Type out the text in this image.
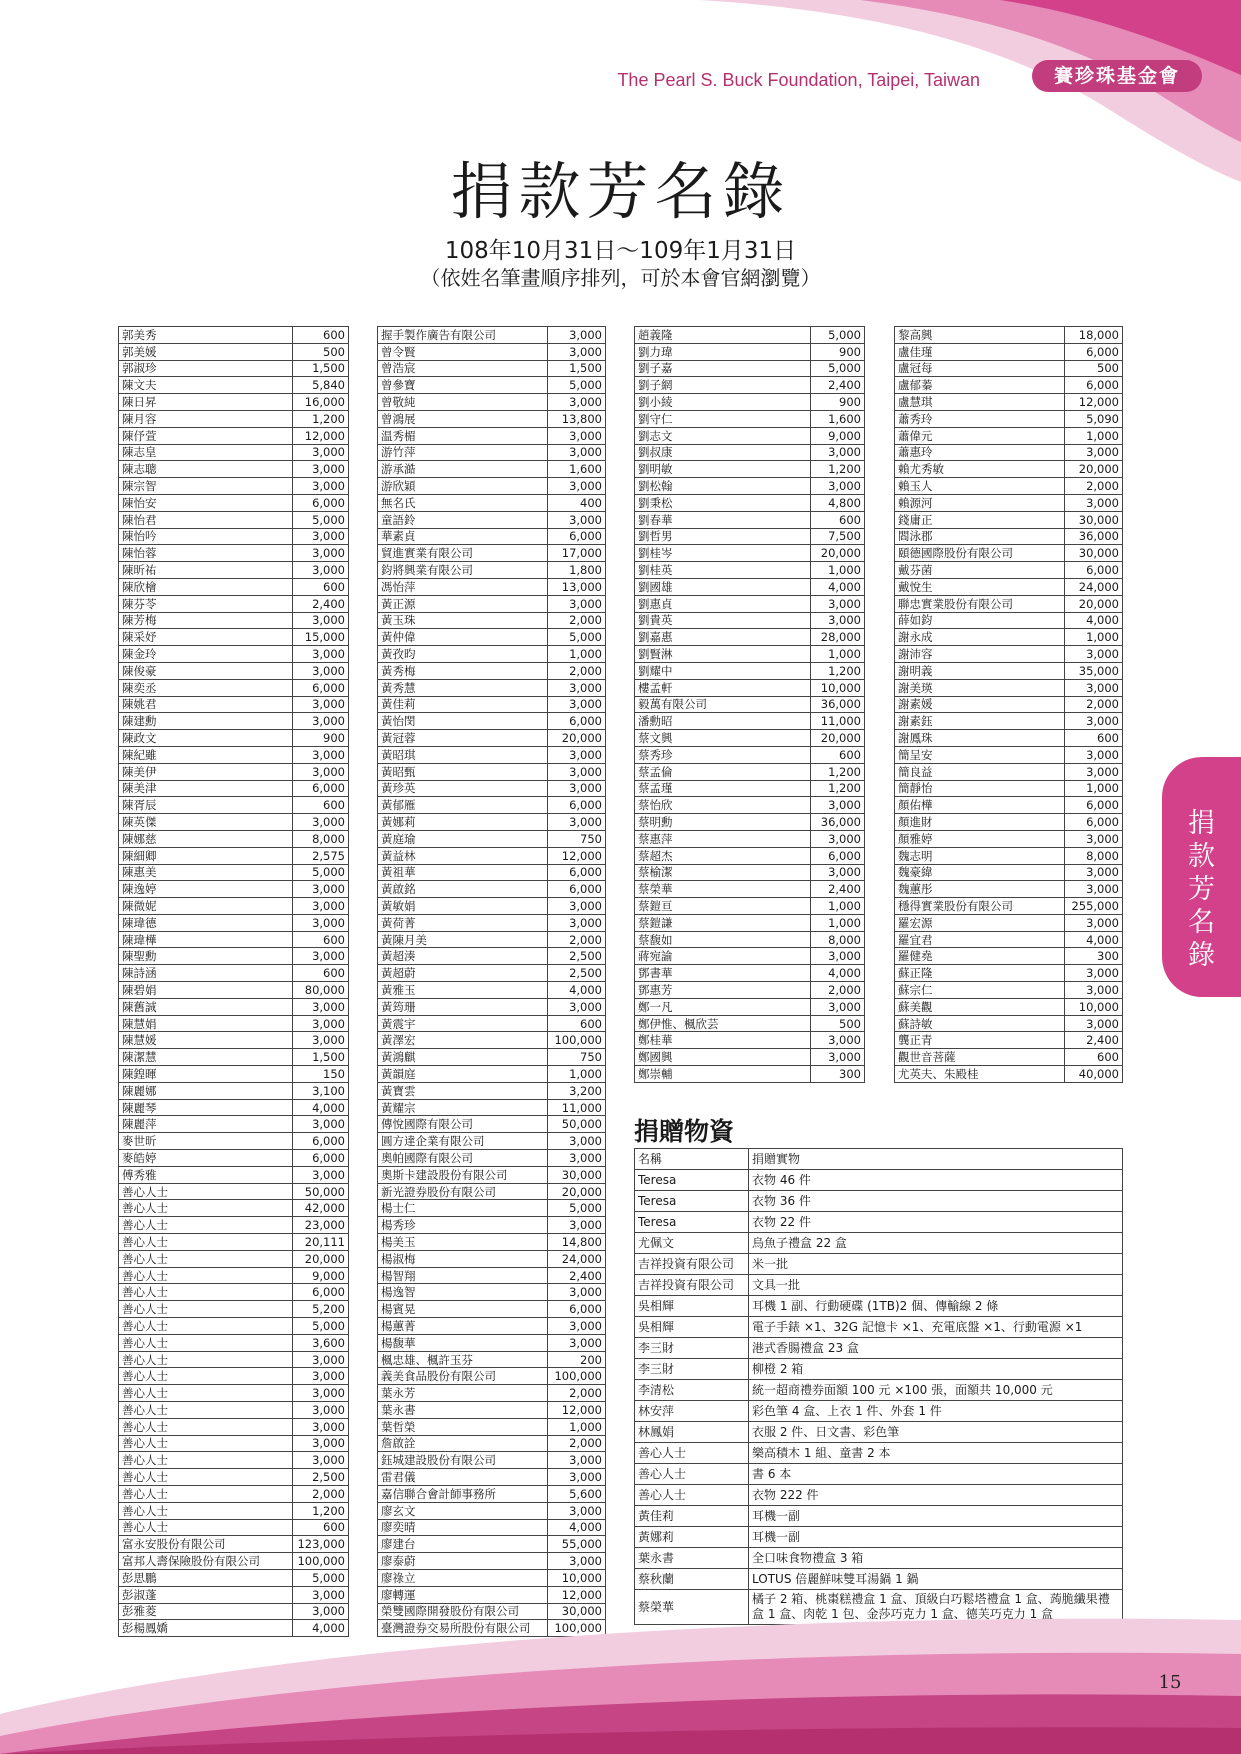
The Pearl S. Buck Foundation, Taipei, Taiwan	賽珍珠基金會
捐款芳名錄
108年10月31日～109年1月31日
（依姓名筆畫順序排列，可於本會官網瀏覽）
捐
款
芳
名
錄
郭美秀	600
郭美媛	500
郭淑珍	1,500
陳文夫	5,840
陳日昇	16,000
陳月容	1,200
陳伃萱	12,000
陳志皇	3,000
陳志聰	3,000
陳宗智	3,000
陳怡安	6,000
陳怡君	5,000
陳怡吟	3,000
陳怡蓉	3,000
陳昕祐	3,000
陳欣檜	600
陳芬苓	2,400
陳芳梅	3,000
陳采妤	15,000
陳金玲	3,000
陳俊豪	3,000
陳奕丞	6,000
陳姚君	3,000
陳建勳	3,000
陳政文	900
陳紀雖	3,000
陳美伊	3,000
陳美津	6,000
陳胥辰	600
陳英傑	3,000
陳娜慈	8,000
陳細卿	2,575
陳惠美	5,000
陳逸婷	3,000
陳微妮	3,000
陳瑋德	3,000
陳瑋樺	600
陳聖勳	3,000
陳詩涵	600
陳碧娟	80,000
陳舊誠	3,000
陳慧娟	3,000
陳慧媛	3,000
陳潔慧	1,500
陳鍠暉	150
陳麗娜	3,100
陳麗琴	4,000
陳麗萍	3,000
麥世昕	6,000
麥皓婷	6,000
傅秀雅	3,000
善心人士	50,000
善心人士	42,000
善心人士	23,000
善心人士	20,111
善心人士	20,000
善心人士	9,000
善心人士	6,000
善心人士	5,200
善心人士	5,000
善心人士	3,600
善心人士	3,000
善心人士	3,000
善心人士	3,000
善心人士	3,000
善心人士	3,000
善心人士	3,000
善心人士	3,000
善心人士	2,500
善心人士	2,000
善心人士	1,200
善心人士	600
富永安股份有限公司	123,000
富邦人壽保險股份有限公司	100,000
彭思鵬	5,000
彭淑蓬	3,000
彭雅菱	3,000
彭楊鳳嬌	4,000
握手製作廣告有限公司	3,000
曾令賢	3,000
曾浩宸	1,500
曾參寶	5,000
曾敬純	3,000
曾鴻展	13,800
温秀楣	3,000
游竹萍	3,000
游承澔	1,600
游欣穎	3,000
無名氏	400
童語鈴	3,000
華素貞	6,000
貿進實業有限公司	17,000
鈞將興業有限公司	1,800
馮怡萍	13,000
黃正源	3,000
黃玉珠	2,000
黃仲偉	5,000
黃孜昀	1,000
黃秀梅	2,000
黃秀慧	3,000
黃佳莉	3,000
黃怡閔	6,000
黃冠蓉	20,000
黃昭琪	3,000
黃昭甄	3,000
黃珍英	3,000
黃郁雁	6,000
黃娜莉	3,000
黃庭瑜	750
黃益林	12,000
黃祖華	6,000
黃啟銘	6,000
黃敏娟	3,000
黃荷菁	3,000
黃陳月美	2,000
黃超湊	2,500
黃超蔚	2,500
黃雅玉	4,000
黃筠珊	3,000
黃震宇	600
黃澤宏	100,000
黃鴻麒	750
黃韻庭	1,000
黃寶雲	3,200
黃耀宗	11,000
傳悅國際有限公司	50,000
圓方達企業有限公司	3,000
奧帕國際有限公司	3,000
奧斯卡建設股份有限公司	30,000
新光證券股份有限公司	20,000
楊士仁	5,000
楊秀珍	3,000
楊美玉	14,800
楊淑梅	24,000
楊智翔	2,400
楊逸智	3,000
楊賓晃	6,000
楊蕙菁	3,000
楊馥華	3,000
楓忠雄、楓許玉芬	200
義美食品股份有限公司	100,000
葉永芳	2,000
葉永書	12,000
葉哲榮	1,000
詹啟詮	2,000
鈺城建設股份有限公司	3,000
雷君儀	3,000
嘉信聯合會計師事務所	5,600
廖玄文	3,000
廖奕晴	4,000
廖建台	55,000
廖泰蔚	3,000
廖祿立	10,000
廖轉運	12,000
榮雙國際開發股份有限公司	30,000
臺灣證券交易所股份有限公司	100,000
趙義隆	5,000
劉力瑋	900
劉子嘉	5,000
劉子網	2,400
劉小綾	900
劉守仁	1,600
劉志文	9,000
劉叔康	3,000
劉明敏	1,200
劉松翰	3,000
劉秉松	4,800
劉春華	600
劉哲男	7,500
劉桂岑	20,000
劉桂英	1,000
劉國雄	4,000
劉惠貞	3,000
劉貴英	3,000
劉嘉惠	28,000
劉賢淋	1,000
劉耀中	1,200
樓孟軒	10,000
毅萬有限公司	36,000
潘勳昭	11,000
蔡文興	20,000
蔡秀珍	600
蔡孟倫	1,200
蔡孟瑾	1,200
蔡怡欣	3,000
蔡明勳	36,000
蔡惠萍	3,000
蔡超杰	6,000
蔡榆潔	3,000
蔡榮華	2,400
蔡鎧亘	1,000
蔡鎧謙	1,000
蔡馥如	8,000
蔣宛諭	3,000
鄧書華	4,000
鄧惠芳	2,000
鄭一凡	3,000
鄭伊惟、楓欣芸	500
鄭桂華	3,000
鄭國興	3,000
鄭崇輔	300
黎高興	18,000
盧佳瑾	6,000
盧冠每	500
盧郁蓁	6,000
盧慧琪	12,000
蕭秀玲	5,090
蕭偉元	1,000
蕭惠玲	3,000
賴尤秀敏	20,000
賴玉人	2,000
賴源河	3,000
錢庸正	30,000
閻泳郡	36,000
頤德國際股份有限公司	30,000
戴芬菌	6,000
戴悅生	24,000
聯忠實業股份有限公司	20,000
薛如鈞	4,000
謝永成	1,000
謝沛容	3,000
謝明義	35,000
謝美瑛	3,000
謝素媛	2,000
謝素鈺	3,000
謝鳳珠	600
簡呈安	3,000
簡良益	3,000
簡靜怡	1,000
顏佑樺	6,000
顏進財	6,000
顏雅婷	3,000
魏志明	8,000
魏豪緯	3,000
魏蕙彤	3,000
穩得實業股份有限公司	255,000
羅宏源	3,000
羅宜君	4,000
羅健堯	300
蘇正隆	3,000
蘇宗仁	3,000
蘇美觀	10,000
蘇詩敏	3,000
龔正青	2,400
觀世音菩薩	600
尤英夫、朱殿桂	40,000
捐贈物資
名稱	捐贈實物
Teresa	衣物 46 件
Teresa	衣物 36 件
Teresa	衣物 22 件
尤佩文	烏魚子禮盒 22 盒
吉祥投資有限公司	米一批
吉祥投資有限公司	文具一批
吳相輝	耳機 1 副、行動硬碟 (1TB)2 個、傳輸線 2 條
吳相輝	電子手錶 ×1、32G 記憶卡 ×1、充電底盤 ×1、行動電源 ×1
李三財	港式香腸禮盒 23 盒
李三財	柳橙 2 箱
李清松	統一超商禮券面額 100 元 ×100 張，面額共 10,000 元
林安萍	彩色筆 4 盒、上衣 1 件、外套 1 件
林鳳娟	衣服 2 件、日文書、彩色筆
善心人士	樂高積木 1 組、童書 2 本
善心人士	書 6 本
善心人士	衣物 222 件
黃佳莉	耳機一副
黃娜莉	耳機一副
葉永書	全口味食物禮盒 3 箱
蔡秋蘭	LOTUS 倍麗鮮味雙耳湯鍋 1 鍋
蔡榮華	橘子 2 箱、桃棗糕禮盒 1 盒、頂級白巧鬆塔禮盒 1 盒、蒟脆纖果禮盒 1 盒、肉乾 1 包、金莎巧克力 1 盒、德芙巧克力 1 盒
15
